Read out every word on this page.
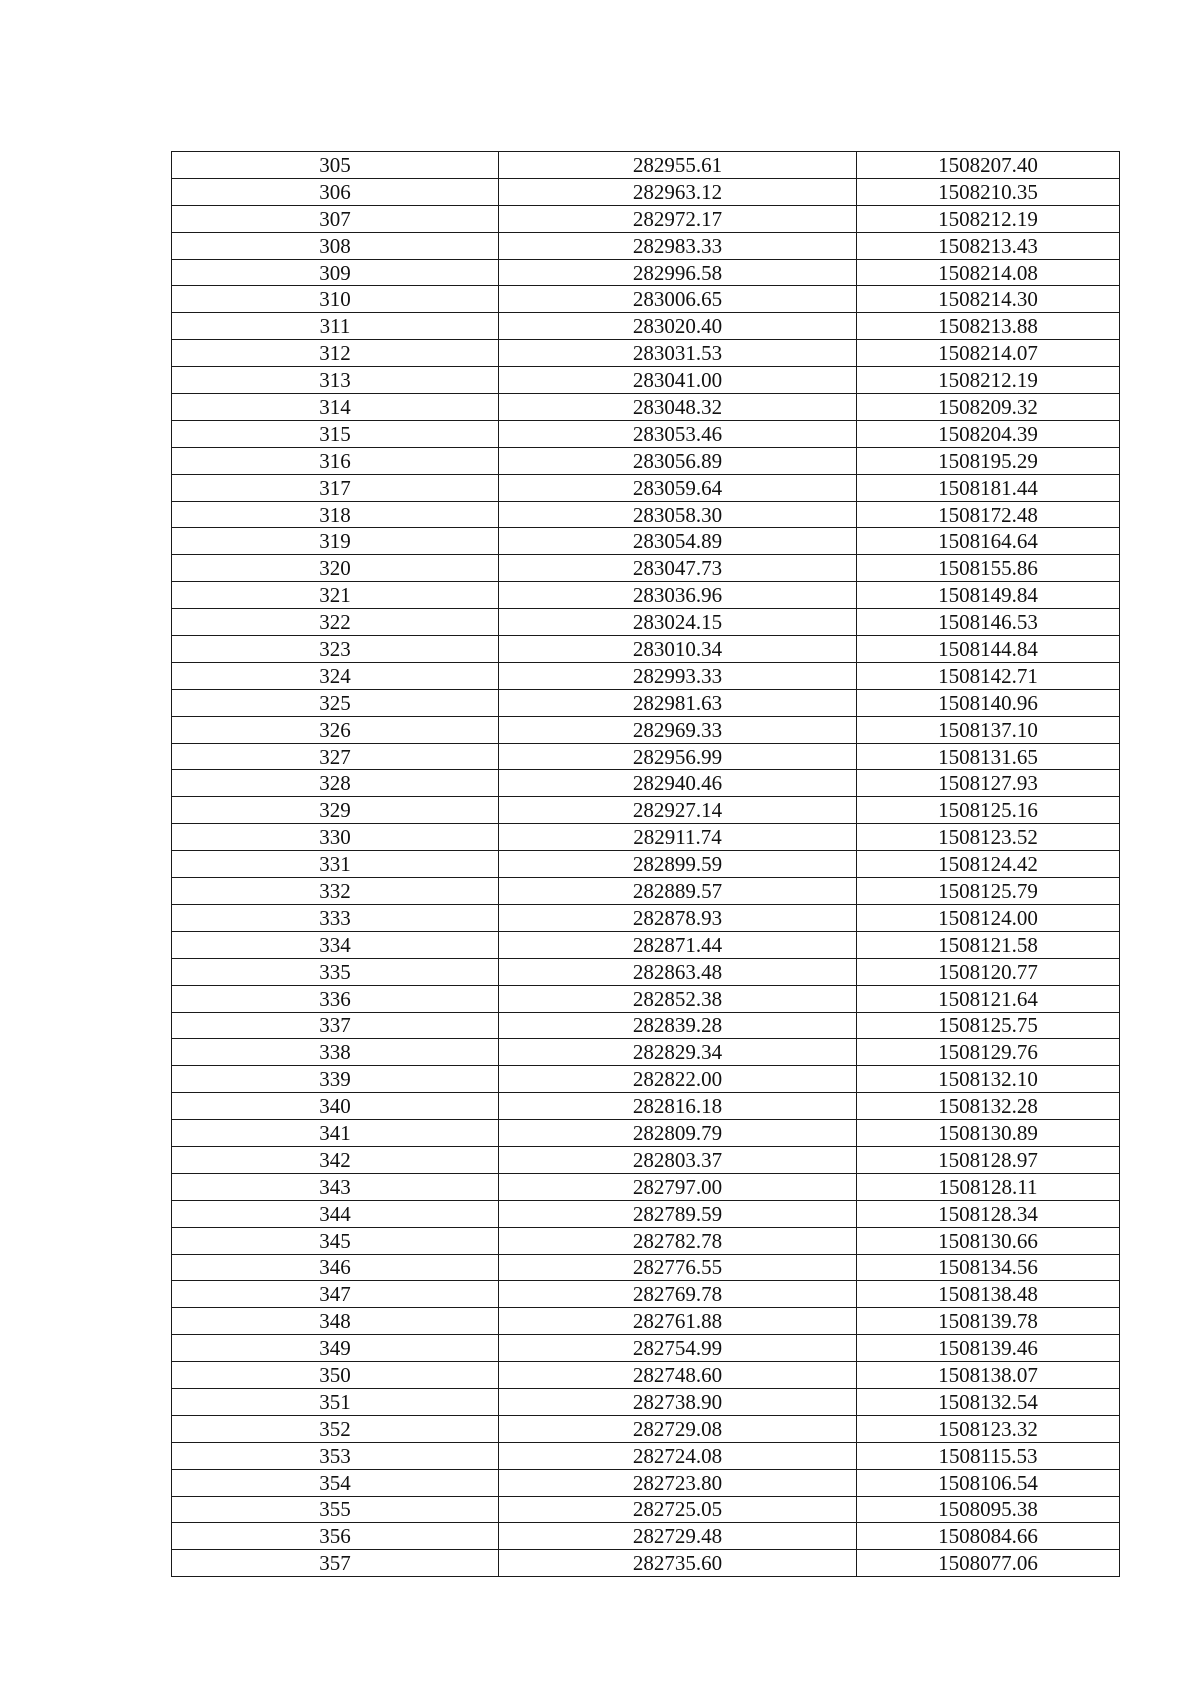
305	282955.61	1508207.40
306	282963.12	1508210.35
307	282972.17	1508212.19
308	282983.33	1508213.43
309	282996.58	1508214.08
310	283006.65	1508214.30
311	283020.40	1508213.88
312	283031.53	1508214.07
313	283041.00	1508212.19
314	283048.32	1508209.32
315	283053.46	1508204.39
316	283056.89	1508195.29
317	283059.64	1508181.44
318	283058.30	1508172.48
319	283054.89	1508164.64
320	283047.73	1508155.86
321	283036.96	1508149.84
322	283024.15	1508146.53
323	283010.34	1508144.84
324	282993.33	1508142.71
325	282981.63	1508140.96
326	282969.33	1508137.10
327	282956.99	1508131.65
328	282940.46	1508127.93
329	282927.14	1508125.16
330	282911.74	1508123.52
331	282899.59	1508124.42
332	282889.57	1508125.79
333	282878.93	1508124.00
334	282871.44	1508121.58
335	282863.48	1508120.77
336	282852.38	1508121.64
337	282839.28	1508125.75
338	282829.34	1508129.76
339	282822.00	1508132.10
340	282816.18	1508132.28
341	282809.79	1508130.89
342	282803.37	1508128.97
343	282797.00	1508128.11
344	282789.59	1508128.34
345	282782.78	1508130.66
346	282776.55	1508134.56
347	282769.78	1508138.48
348	282761.88	1508139.78
349	282754.99	1508139.46
350	282748.60	1508138.07
351	282738.90	1508132.54
352	282729.08	1508123.32
353	282724.08	1508115.53
354	282723.80	1508106.54
355	282725.05	1508095.38
356	282729.48	1508084.66
357	282735.60	1508077.06
